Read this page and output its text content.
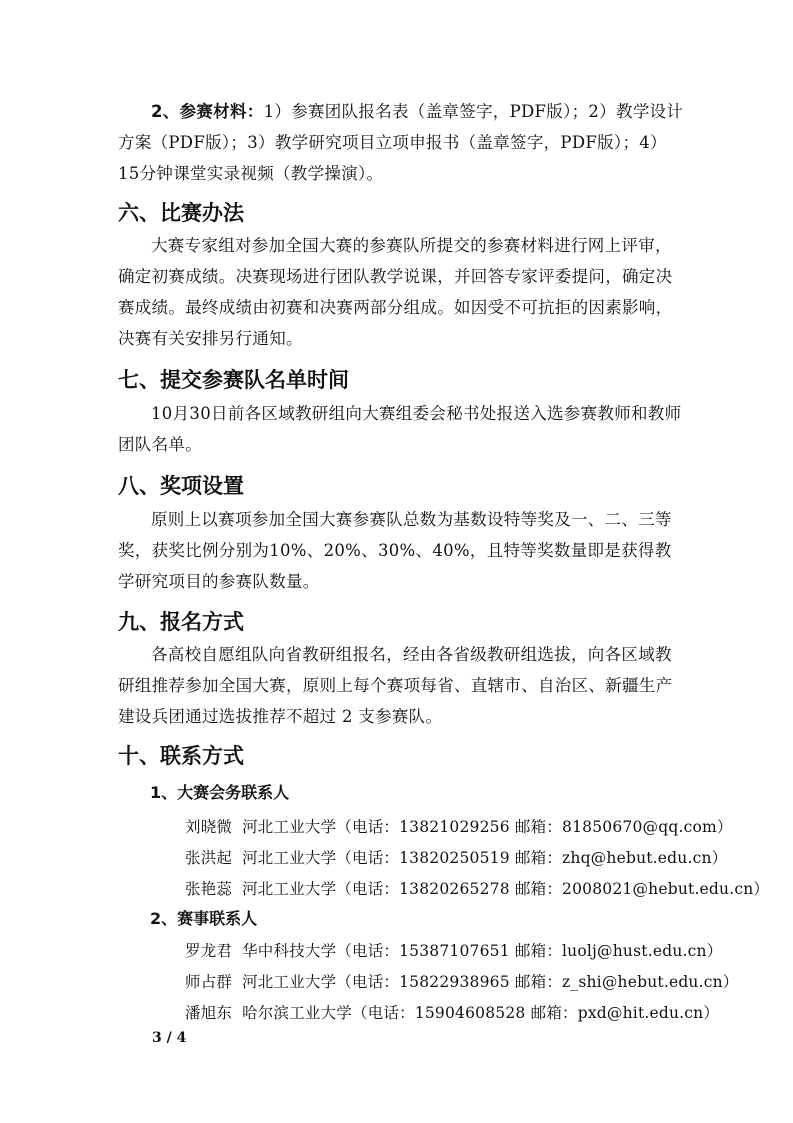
2、参赛材料：1）参赛团队报名表（盖章签字，PDF版）；2）教学设计方案（PDF版）；3）教学研究项目立项申报书（盖章签字，PDF版）；4）15分钟课堂实录视频（教学操演）。

六、比赛办法

大赛专家组对参加全国大赛的参赛队所提交的参赛材料进行网上评审，确定初赛成绩。决赛现场进行团队教学说课，并回答专家评委提问，确定决赛成绩。最终成绩由初赛和决赛两部分组成。如因受不可抗拒的因素影响，决赛有关安排另行通知。

七、提交参赛队名单时间

10月30日前各区域教研组向大赛组委会秘书处报送入选参赛教师和教师团队名单。

八、奖项设置

原则上以赛项参加全国大赛参赛队总数为基数设特等奖及一、二、三等奖，获奖比例分别为10%、20%、30%、40%，且特等奖数量即是获得教学研究项目的参赛队数量。

九、报名方式

各高校自愿组队向省教研组报名，经由各省级教研组选拔，向各区域教研组推荐参加全国大赛，原则上每个赛项每省、直辖市、自治区、新疆生产建设兵团通过选拔推荐不超过 2 支参赛队。

十、联系方式

1、大赛会务联系人

刘晓微 河北工业大学（电话：13821029256 邮箱：81850670@qq.com）

张洪起 河北工业大学（电话：13820250519 邮箱：zhq@hebut.edu.cn）

张艳蕊 河北工业大学（电话：13820265278 邮箱：2008021@hebut.edu.cn）

2、赛事联系人

罗龙君 华中科技大学（电话：15387107651 邮箱：luolj@hust.edu.cn）

师占群 河北工业大学（电话：15822938965 邮箱：z_shi@hebut.edu.cn）

潘旭东 哈尔滨工业大学（电话：15904608528 邮箱：pxd@hit.edu.cn）

3 / 4
